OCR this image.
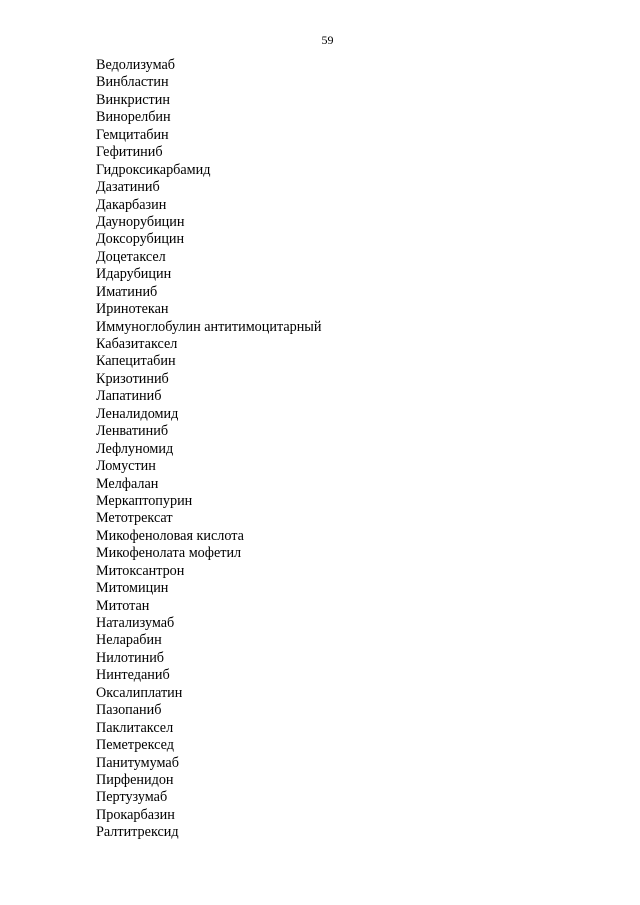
59
Ведолизумаб
Винбластин
Винкристин
Винорелбин
Гемцитабин
Гефитиниб
Гидроксикарбамид
Дазатиниб
Дакарбазин
Даунорубицин
Доксорубицин
Доцетаксел
Идарубицин
Иматиниб
Иринотекан
Иммуноглобулин антитимоцитарный
Кабазитаксел
Капецитабин
Кризотиниб
Лапатиниб
Леналидомид
Ленватиниб
Лефлуномид
Ломустин
Мелфалан
Меркаптопурин
Метотрексат
Микофеноловая кислота
Микофенолата мофетил
Митоксантрон
Митомицин
Митотан
Натализумаб
Неларабин
Нилотиниб
Нинтеданиб
Оксалиплатин
Пазопаниб
Паклитаксел
Пеметрексед
Панитумумаб
Пирфенидон
Пертузумаб
Прокарбазин
Ралтитрексид
